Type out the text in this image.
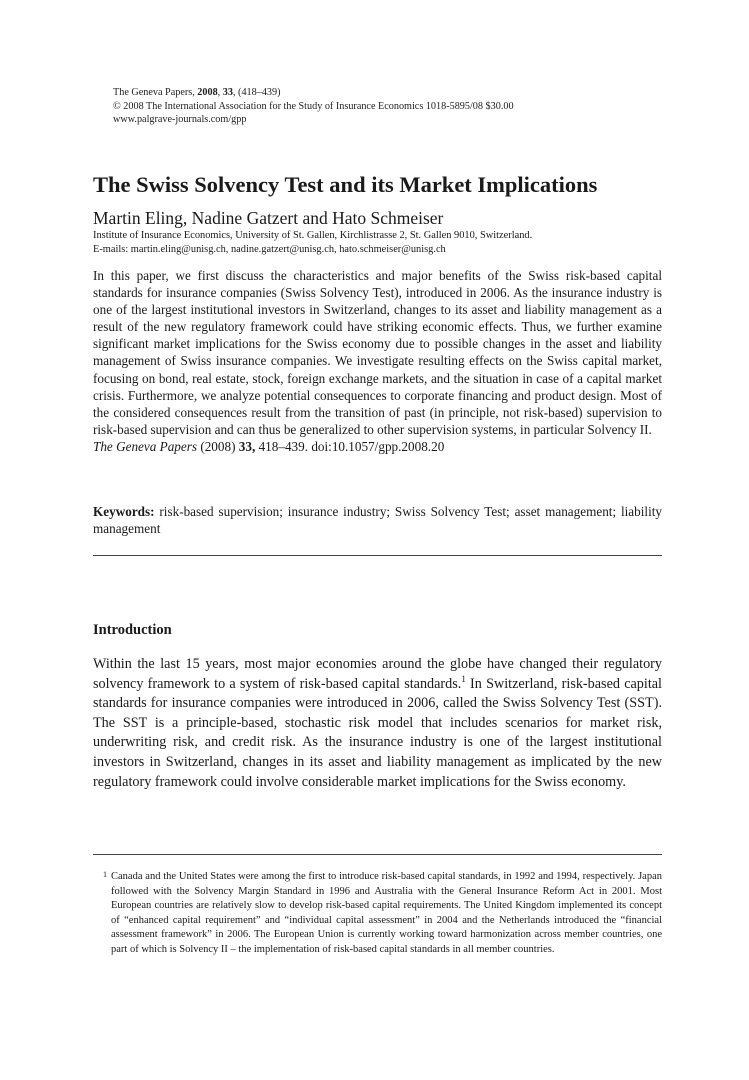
The Geneva Papers, 2008, 33, (418–439)
© 2008 The International Association for the Study of Insurance Economics 1018-5895/08 $30.00
www.palgrave-journals.com/gpp
The Swiss Solvency Test and its Market Implications
Martin Eling, Nadine Gatzert and Hato Schmeiser
Institute of Insurance Economics, University of St. Gallen, Kirchlistrasse 2, St. Gallen 9010, Switzerland.
E-mails: martin.eling@unisg.ch, nadine.gatzert@unisg.ch, hato.schmeiser@unisg.ch
In this paper, we first discuss the characteristics and major benefits of the Swiss risk-based capital standards for insurance companies (Swiss Solvency Test), introduced in 2006. As the insurance industry is one of the largest institutional investors in Switzerland, changes to its asset and liability management as a result of the new regulatory framework could have striking economic effects. Thus, we further examine significant market implications for the Swiss economy due to possible changes in the asset and liability management of Swiss insurance companies. We investigate resulting effects on the Swiss capital market, focusing on bond, real estate, stock, foreign exchange markets, and the situation in case of a capital market crisis. Furthermore, we analyze potential consequences to corporate financing and product design. Most of the considered consequences result from the transition of past (in principle, not risk-based) supervision to risk-based supervision and can thus be generalized to other supervision systems, in particular Solvency II.
The Geneva Papers (2008) 33, 418–439. doi:10.1057/gpp.2008.20
Keywords: risk-based supervision; insurance industry; Swiss Solvency Test; asset management; liability management
Introduction
Within the last 15 years, most major economies around the globe have changed their regulatory solvency framework to a system of risk-based capital standards.$^1$ In Switzerland, risk-based capital standards for insurance companies were introduced in 2006, called the Swiss Solvency Test (SST). The SST is a principle-based, stochastic risk model that includes scenarios for market risk, underwriting risk, and credit risk. As the insurance industry is one of the largest institutional investors in Switzerland, changes in its asset and liability management as implicated by the new regulatory framework could involve considerable market implications for the Swiss economy.
1 Canada and the United States were among the first to introduce risk-based capital standards, in 1992 and 1994, respectively. Japan followed with the Solvency Margin Standard in 1996 and Australia with the General Insurance Reform Act in 2001. Most European countries are relatively slow to develop risk-based capital requirements. The United Kingdom implemented its concept of “enhanced capital requirement” and “individual capital assessment” in 2004 and the Netherlands introduced the “financial assessment framework” in 2006. The European Union is currently working toward harmonization across member countries, one part of which is Solvency II – the implementation of risk-based capital standards in all member countries.
